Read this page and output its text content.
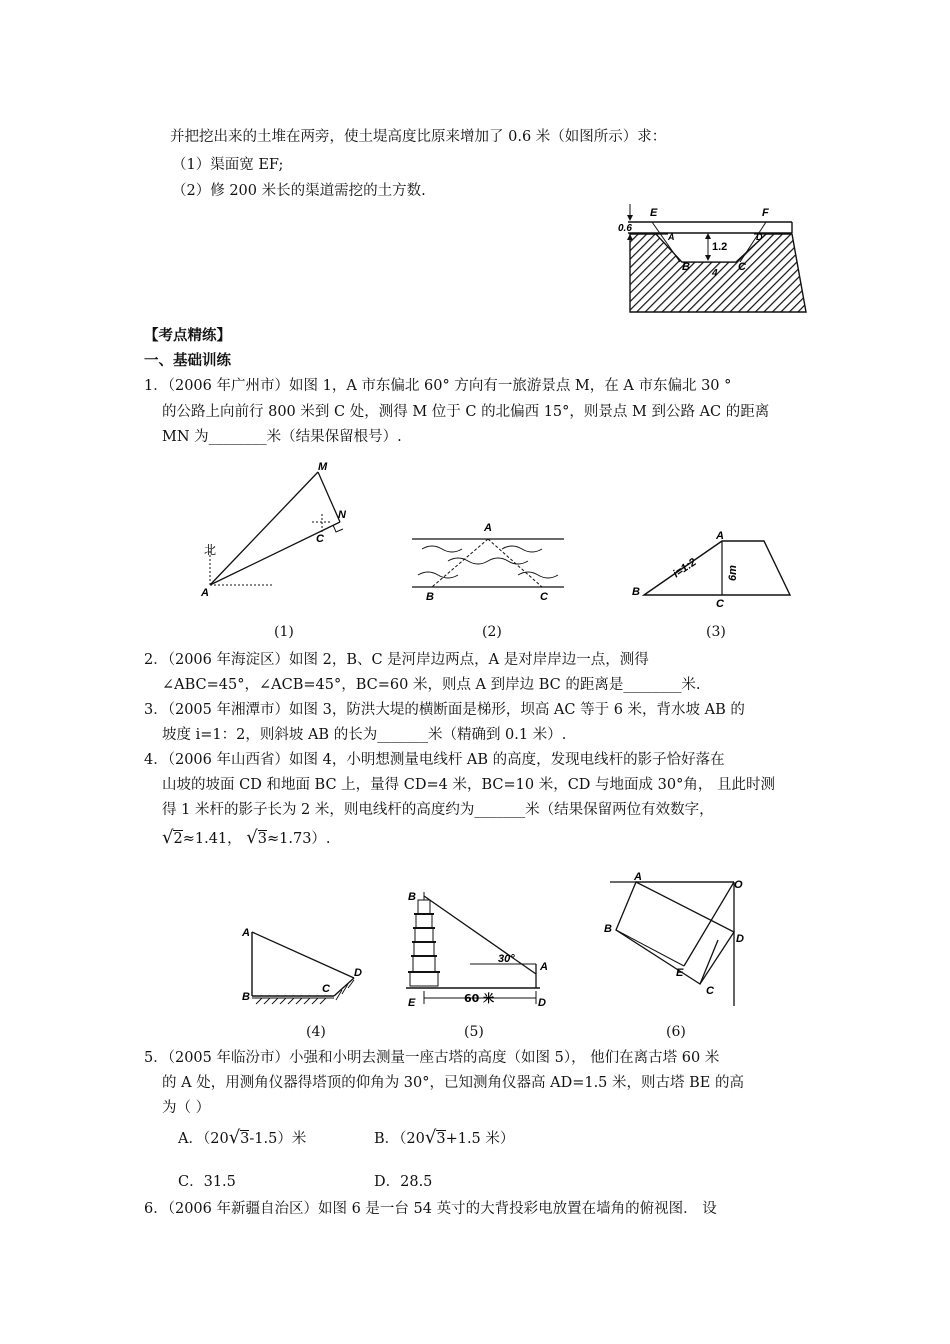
并把挖出来的土堆在两旁，使土堤高度比原来增加了 0.6 米（如图所示）求：
（1）渠面宽 EF;
（2）修 200 米长的渠道需挖的土方数.
E	F
0.6
1.2
A	D
B	C
4
【考点精练】
一、基础训练
1．（2006 年广州市）如图 1，A 市东偏北 60° 方向有一旅游景点 M，在 A 市东偏北 30 °
的公路上向前行 800 米到 C 处，测得 M 位于 C 的北偏西 15°，则景点 M 到公路 AC 的距离
MN 为________米（结果保留根号）.
M
N
C
北
A
(1)
A
B	C
(2)
A
B
C
i=1:2	6m
(3)
2．（2006 年海淀区）如图 2，B、C 是河岸边两点，A 是对岸岸边一点，测得
∠ABC=45°，∠ACB=45°，BC=60 米，则点 A 到岸边 BC 的距离是________米.
3．（2005 年湘潭市）如图 3，防洪大堤的横断面是梯形，坝高 AC 等于 6 米，背水坡 AB 的
坡度 i=1：2，则斜坡 AB 的长为_______米（精确到 0.1 米）.
4．（2006 年山西省）如图 4，小明想测量电线杆 AB 的高度，发现电线杆的影子恰好落在
山坡的坡面 CD 和地面 BC 上，量得 CD=4 米，BC=10 米，CD 与地面成 30°角， 且此时测
得 1 米杆的影子长为 2 米，则电线杆的高度约为_______米（结果保留两位有效数字，
√2≈1.41， √3≈1.73）.
A
B
C
D
(4)
B
30°
A
E	60 米	D
(5)
A
O
B
D
E
C
(6)
5．（2005 年临汾市）小强和小明去测量一座古塔的高度（如图 5）， 他们在离古塔 60 米
的 A 处，用测角仪器得塔顶的仰角为 30°，已知测角仪器高 AD=1.5 米，则古塔 BE 的高
为（ ）
A．（20√3-1.5）米	B．（20√3+1.5 米）
C．31.5	D．28.5
6．（2006 年新疆自治区）如图 6 是一台 54 英寸的大背投彩电放置在墙角的俯视图． 设
